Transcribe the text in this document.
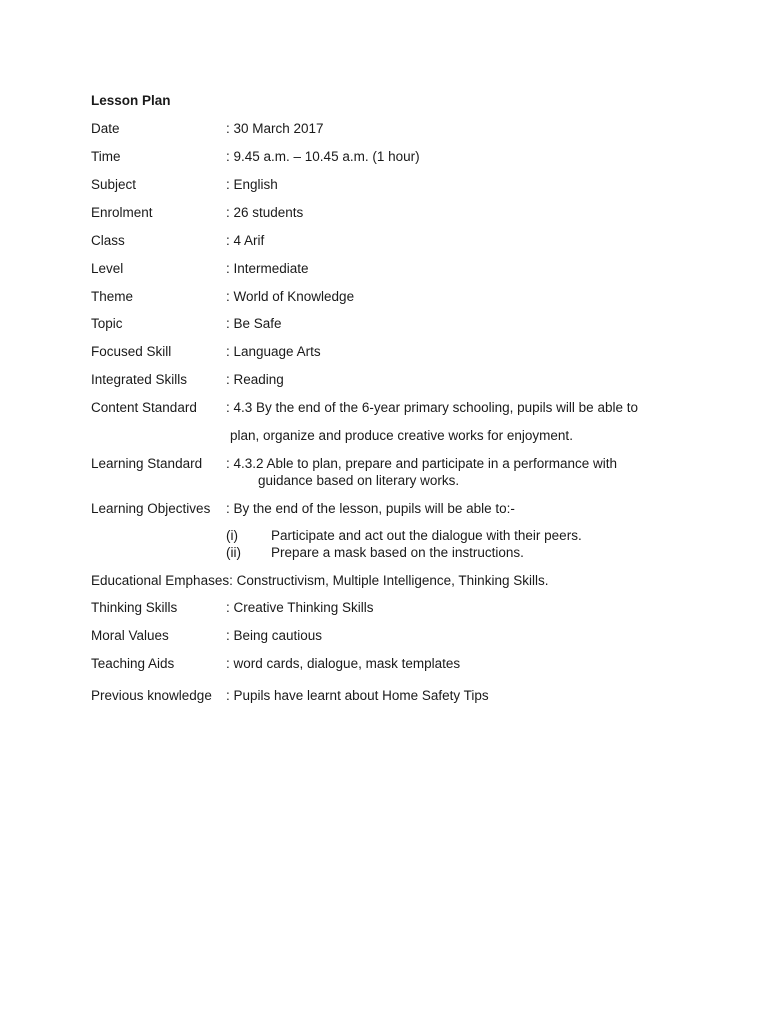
Lesson Plan
Date	: 30 March 2017
Time	: 9.45 a.m. – 10.45 a.m. (1 hour)
Subject	: English
Enrolment	: 26 students
Class	: 4 Arif
Level	: Intermediate
Theme	: World of Knowledge
Topic	: Be Safe
Focused Skill	: Language Arts
Integrated Skills	: Reading
Content Standard : 4.3 By the end of the 6-year primary schooling, pupils will be able to
plan, organize and produce creative works for enjoyment.
Learning Standard : 4.3.2 Able to plan, prepare and participate in a performance with
guidance based on literary works.
Learning Objectives : By the end of the lesson, pupils will be able to:-
(i) Participate and act out the dialogue with their peers.
(ii) Prepare a mask based on the instructions.
Educational Emphases: Constructivism, Multiple Intelligence, Thinking Skills.
Thinking Skills	: Creative Thinking Skills
Moral Values	: Being cautious
Teaching Aids	: word cards, dialogue, mask templates
Previous knowledge : Pupils have learnt about Home Safety Tips
